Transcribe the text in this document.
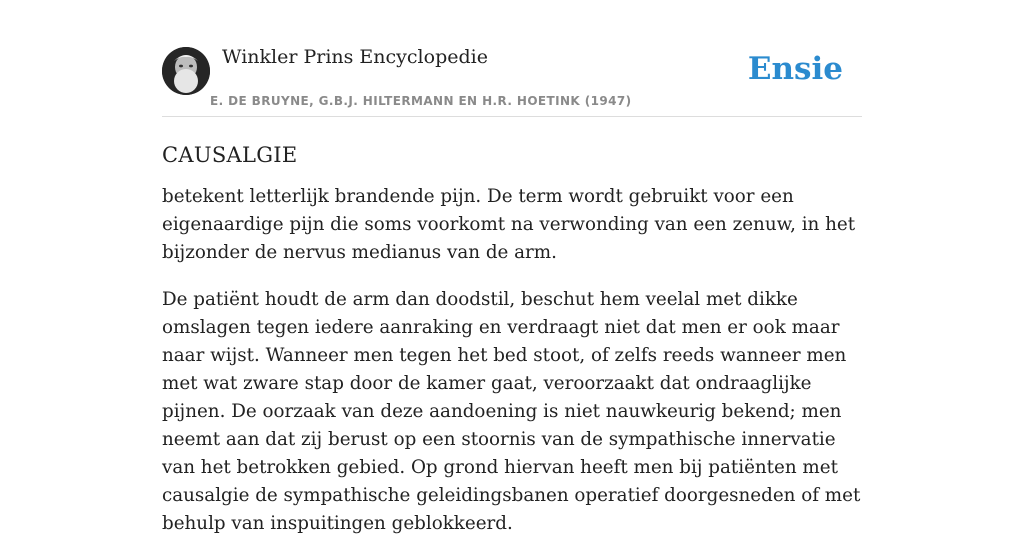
Winkler Prins Encyclopedie
E. DE BRUYNE, G.B.J. HILTERMANN EN H.R. HOETINK (1947)
Ensie
CAUSALGIE

betekent letterlijk brandende pijn. De term wordt gebruikt voor een eigenaardige pijn die soms voorkomt na verwonding van een zenuw, in het bijzonder de nervus medianus van de arm.

De patiënt houdt de arm dan doodstil, beschut hem veelal met dikke omslagen tegen iedere aanraking en verdraagt niet dat men er ook maar naar wijst. Wanneer men tegen het bed stoot, of zelfs reeds wanneer men met wat zware stap door de kamer gaat, veroorzaakt dat ondraaglijke pijnen. De oorzaak van deze aandoening is niet nauwkeurig bekend; men neemt aan dat zij berust op een stoornis van de sympathische innervatie van het betrokken gebied. Op grond hiervan heeft men bij patiënten met causalgie de sympathische geleidingsbanen operatief doorgesneden of met behulp van inspuitingen geblokkeerd.
